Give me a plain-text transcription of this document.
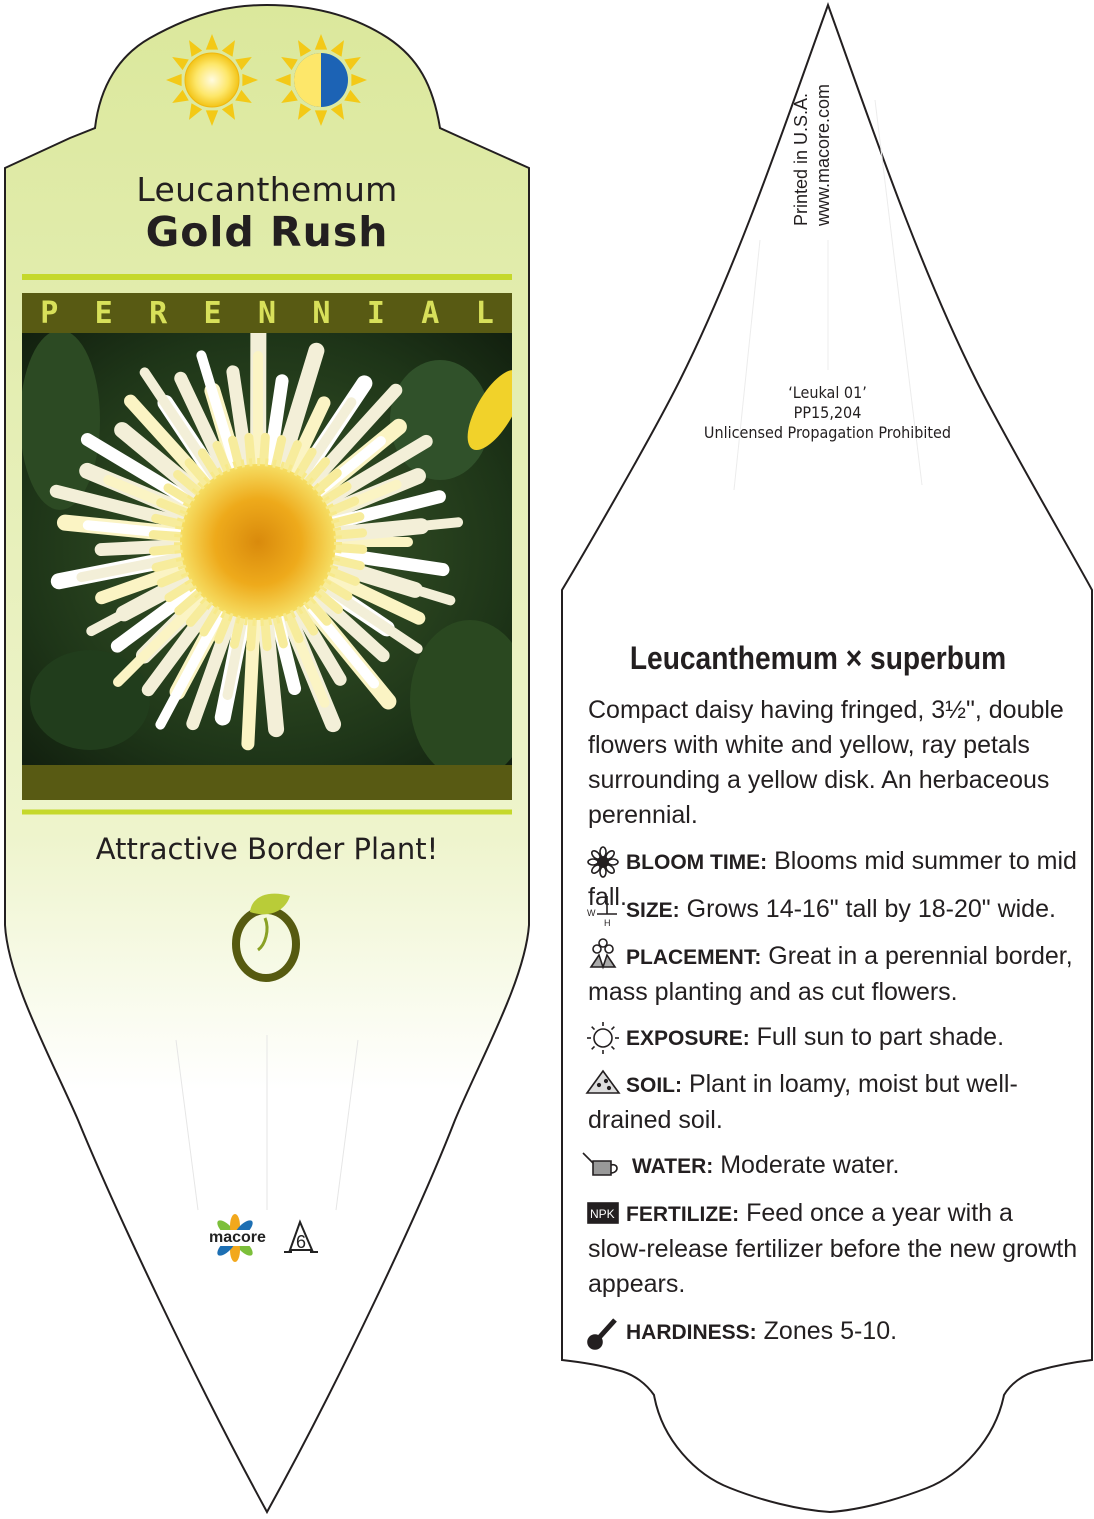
W
H
NPK
Leucanthemum
Gold Rush
P E R E N N I A L
Attractive Border Plant!
macore 6
Printed in U.S.A. www.macore.com
‘Leukal 01’
PP15,204
Unlicensed Propagation Prohibited
Leucanthemum × superbum
Compact daisy having fringed, 3½", double flowers with white and yellow, ray petals surrounding a yellow disk. An herbaceous perennial.
BLOOM TIME: Blooms mid summer to mid fall. SIZE: Grows 14-16" tall by 18-20" wide.
PLACEMENT: Great in a perennial border, mass planting and as cut flowers.
EXPOSURE: Full sun to part shade.
SOIL: Plant in loamy, moist but well-drained soil.
WATER: Moderate water.
FERTILIZE: Feed once a year with a slow-release fertilizer before the new growth appears.
HARDINESS: Zones 5-10.
